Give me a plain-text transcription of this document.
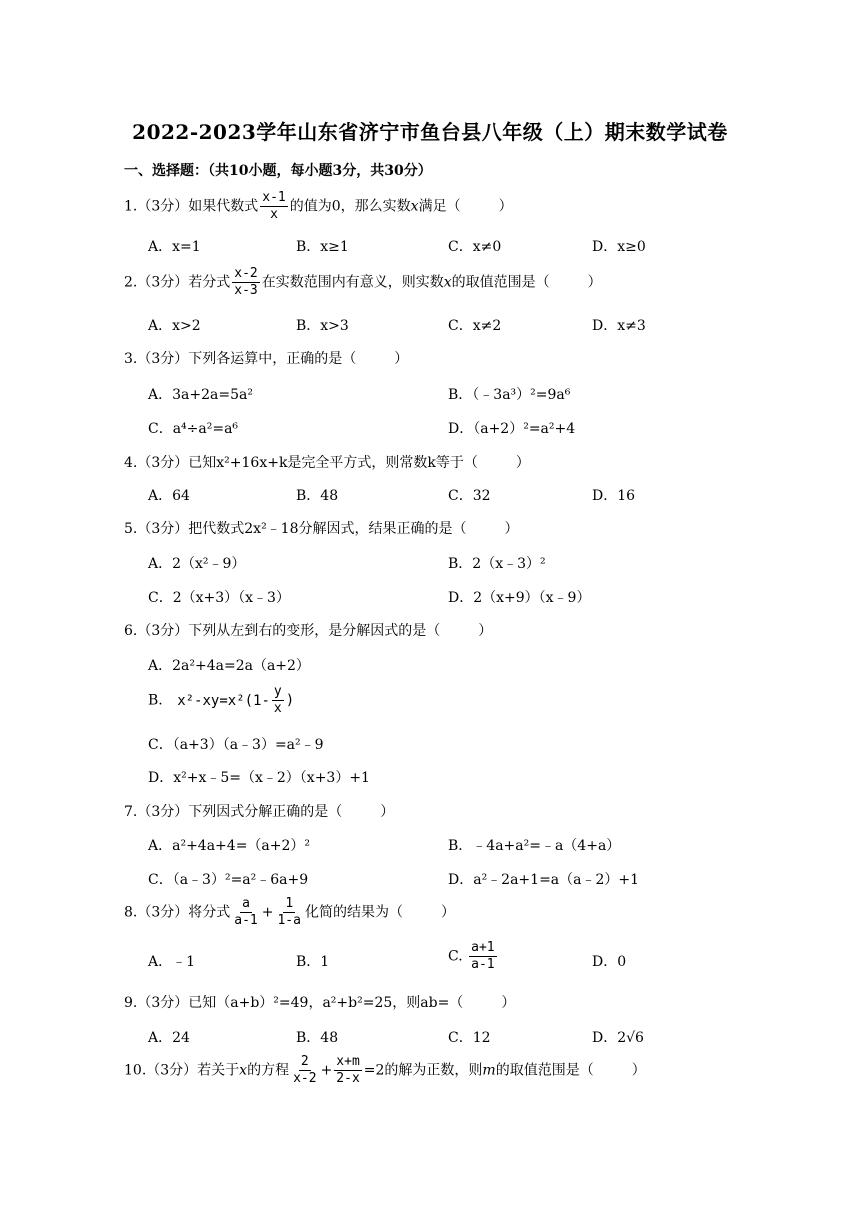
2022-2023学年山东省济宁市鱼台县八年级（上）期末数学试卷
一、选择题：（共10小题，每小题3分，共30分）
1.（3分）如果代数式 $\frac{x-1}{x}$ 的值为0，那么实数x满足（	）
A．x=1	B．x≥1	C．x≠0	D．x≥0
2.（3分）若分式 $\frac{x-2}{x-3}$ 在实数范围内有意义，则实数x的取值范围是（	）
A．x>2	B．x>3	C．x≠2	D．x≠3
3.（3分）下列各运算中，正确的是（	）
A．3a+2a=5a²	B．（﹣3a³）²=9a⁶
C．a⁴÷a²=a⁶	D．（a+2）²=a²+4
4.（3分）已知x²+16x+k是完全平方式，则常数k等于（	）
A．64	B．48	C．32	D．16
5.（3分）把代数式2x²﹣18分解因式，结果正确的是（	）
A．2（x²﹣9）	B．2（x﹣3）²
C．2（x+3）（x﹣3）	D．2（x+9）（x﹣9）
6.（3分）下列从左到右的变形，是分解因式的是（	）
A．2a²+4a=2a（a+2）
B. $x^2-xy=x^2(1- \frac{y}{x}$ )
C．（a+3）（a﹣3）=a²﹣9
D．x²+x﹣5=（x﹣2）（x+3）+1
7.（3分）下列因式分解正确的是（	）
A．a²+4a+4=（a+2）²	B．﹣4a+a²=﹣a（4+a）
C．（a﹣3）²=a²﹣6a+9	D．a²﹣2a+1=a（a﹣2）+1
8.（3分）将分式 $\frac{a}{a-1} + \frac{1}{1-a}$ 化简的结果为（	）
A．﹣1	B．1	C. $\frac{a+1}{a-1}$	D．0
9.（3分）已知（a+b）²=49，a²+b²=25，则ab=（	）
A．24	B．48	C．12	D．2√6
10.（3分）若关于x的方程 $\frac{2}{x-2} + \frac{x+m}{2-x} =2$的解为正数，则m的取值范围是（	）
